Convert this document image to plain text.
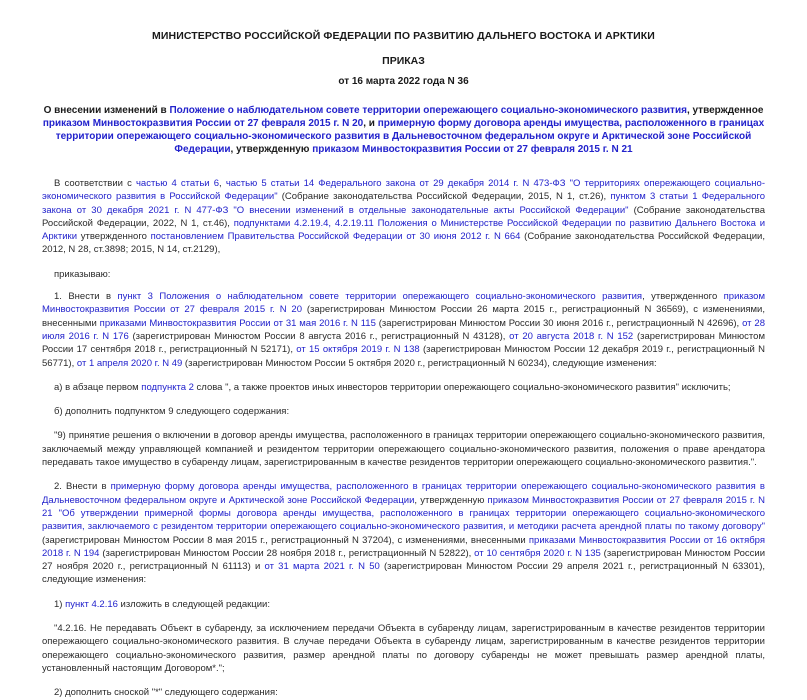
МИНИСТЕРСТВО РОССИЙСКОЙ ФЕДЕРАЦИИ ПО РАЗВИТИЮ ДАЛЬНЕГО ВОСТОКА И АРКТИКИ
ПРИКАЗ
от 16 марта 2022 года N 36
О внесении изменений в Положение о наблюдательном совете территории опережающего социально-экономического развития, утвержденное приказом Минвостокразвития России от 27 февраля 2015 г. N 20, и примерную форму договора аренды имущества, расположенного в границах территории опережающего социально-экономического развития в Дальневосточном федеральном округе и Арктической зоне Российской Федерации, утвержденную приказом Минвостокразвития России от 27 февраля 2015 г. N 21

В соответствии с частью 4 статьи 6, частью 5 статьи 14 Федерального закона от 29 декабря 2014 г. N 473-ФЗ "О территориях опережающего социально-экономического развития в Российской Федерации" (Собрание законодательства Российской Федерации, 2015, N 1, ст.26), пунктом 3 статьи 1 Федерального закона от 30 декабря 2021 г. N 477-ФЗ "О внесении изменений в отдельные законодательные акты Российской Федерации" (Собрание законодательства Российской Федерации, 2022, N 1, ст.46), подпунктами 4.2.19.4, 4.2.19.11 Положения о Министерстве Российской Федерации по развитию Дальнего Востока и Арктики утвержденного постановлением Правительства Российской Федерации от 30 июня 2012 г. N 664 (Собрание законодательства Российской Федерации, 2012, N 28, ст.3898; 2015, N 14, ст.2129),

приказываю:

1. Внести в пункт 3 Положения о наблюдательном совете территории опережающего социально-экономического развития, утвержденного приказом Минвостокразвития России от 27 февраля 2015 г. N 20 (зарегистрирован Минюстом России 26 марта 2015 г., регистрационный N 36569), с изменениями, внесенными приказами Минвостокразвития России от 31 мая 2016 г. N 115 (зарегистрирован Минюстом России 30 июня 2016 г., регистрационный N 42696), от 28 июля 2016 г. N 176 (зарегистрирован Минюстом России 8 августа 2016 г., регистрационный N 43128), от 20 августа 2018 г. N 152 (зарегистрирован Минюстом России 17 сентября 2018 г., регистрационный N 52171), от 15 октября 2019 г. N 138 (зарегистрирован Минюстом России 12 декабря 2019 г., регистрационный N 56771), от 1 апреля 2020 г. N 49 (зарегистрирован Минюстом России 5 октября 2020 г., регистрационный N 60234), следующие изменения:

а) в абзаце первом подпункта 2 слова ", а также проектов иных инвесторов территории опережающего социально-экономического развития" исключить;

б) дополнить подпунктом 9 следующего содержания:

"9) принятие решения о включении в договор аренды имущества, расположенного в границах территории опережающего социально-экономического развития, заключаемый между управляющей компанией и резидентом территории опережающего социально-экономического развития, положения о праве арендатора передавать такое имущество в субаренду лицам, зарегистрированным в качестве резидентов территории опережающего социально-экономического развития.".

2. Внести в примерную форму договора аренды имущества, расположенного в границах территории опережающего социально-экономического развития в Дальневосточном федеральном округе и Арктической зоне Российской Федерации, утвержденную приказом Минвостокразвития России от 27 февраля 2015 г. N 21 "Об утверждении примерной формы договора аренды имущества, расположенного в границах территории опережающего социально-экономического развития, заключаемого с резидентом территории опережающего социально-экономического развития, и методики расчета арендной платы по такому договору" (зарегистрирован Минюстом России 8 мая 2015 г., регистрационный N 37204), с изменениями, внесенными приказами Минвостокразвития России от 16 октября 2018 г. N 194 (зарегистрирован Минюстом России 28 ноября 2018 г., регистрационный N 52822), от 10 сентября 2020 г. N 135 (зарегистрирован Минюстом России 27 ноября 2020 г., регистрационный N 61113) и от 31 марта 2021 г. N 50 (зарегистрирован Минюстом России 29 апреля 2021 г., регистрационный N 63301), следующие изменения:

1) пункт 4.2.16 изложить в следующей редакции:

"4.2.16. Не передавать Объект в субаренду, за исключением передачи Объекта в субаренду лицам, зарегистрированным в качестве резидентов территории опережающего социально-экономического развития. В случае передачи Объекта в субаренду лицам, зарегистрированным в качестве резидентов территории опережающего социально-экономического развития, размер арендной платы по договору субаренды не может превышать размер арендной платы, установленный настоящим Договором*.";

2) дополнить сноской "*" следующего содержания:
